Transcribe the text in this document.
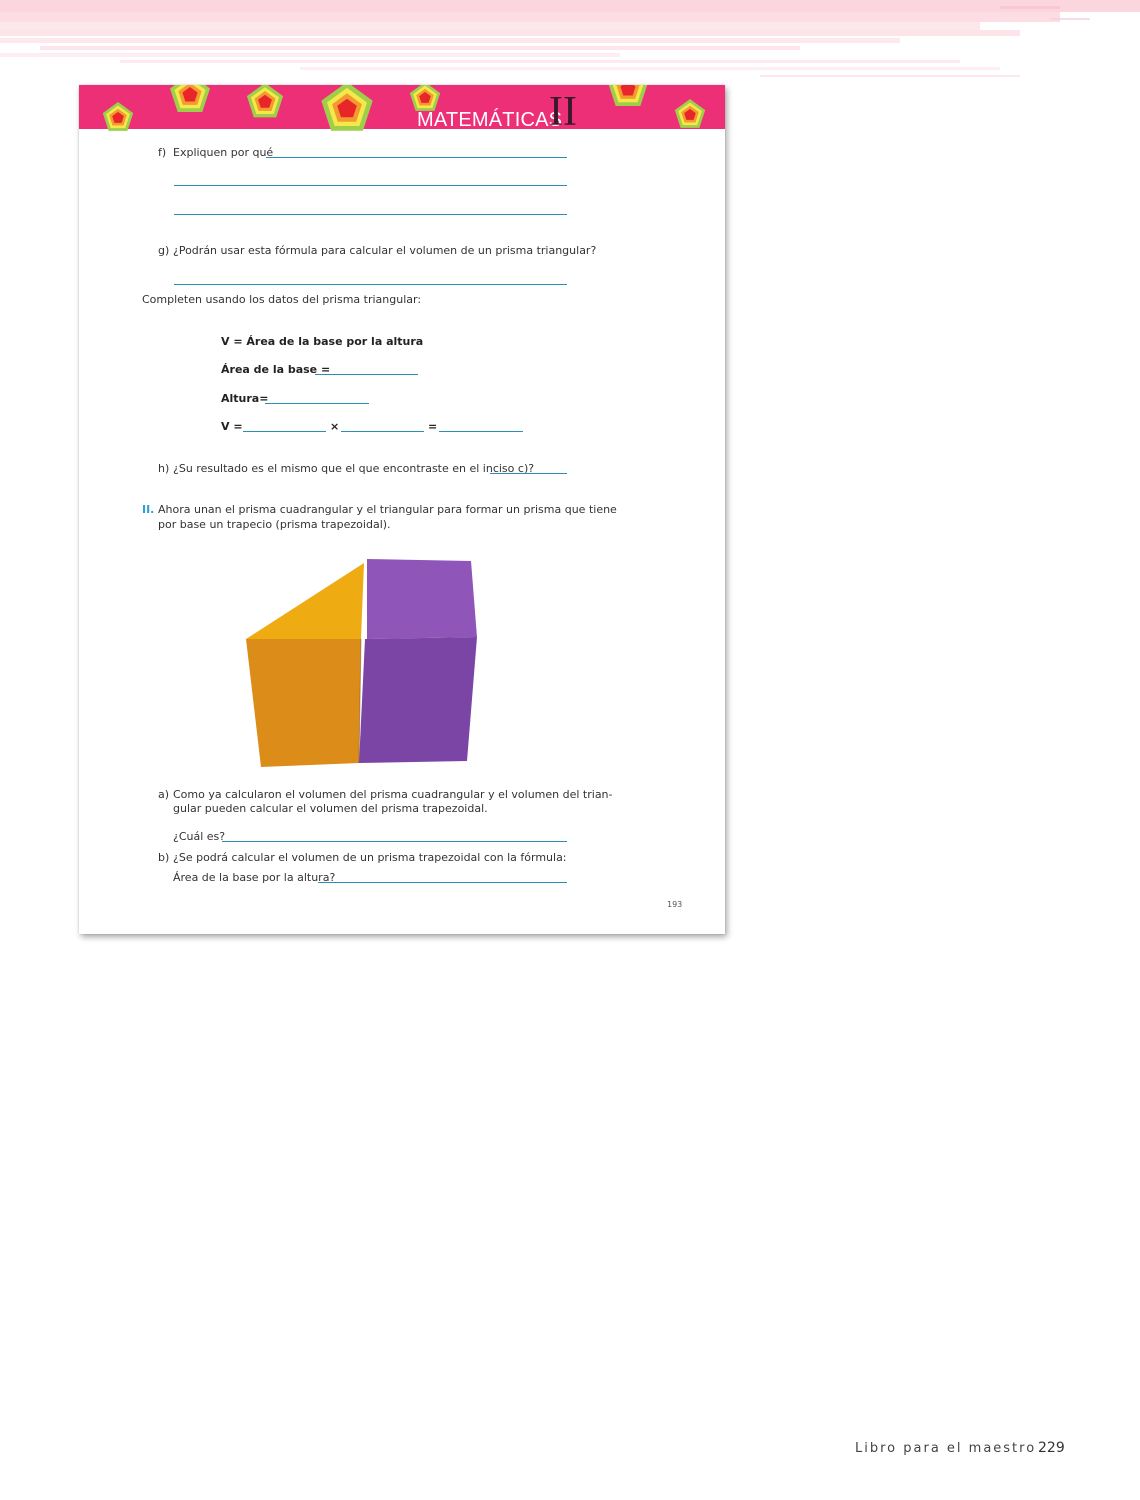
MATEMÁTICAS
II
f) Expliquen por qué
g) ¿Podrán usar esta fórmula para calcular el volumen de un prisma triangular?
Completen usando los datos del prisma triangular:
V = Área de la base por la altura
Área de la base =
Altura=
V =	×	=
h) ¿Su resultado es el mismo que el que encontraste en el inciso c)?
II. Ahora unan el prisma cuadrangular y el triangular para formar un prisma que tiene
por base un trapecio (prisma trapezoidal).
a) Como ya calcularon el volumen del prisma cuadrangular y el volumen del trian-
gular pueden calcular el volumen del prisma trapezoidal.
¿Cuál es?
b) ¿Se podrá calcular el volumen de un prisma trapezoidal con la fórmula:
Área de la base por la altura?
193
Libro para el maestro 229
